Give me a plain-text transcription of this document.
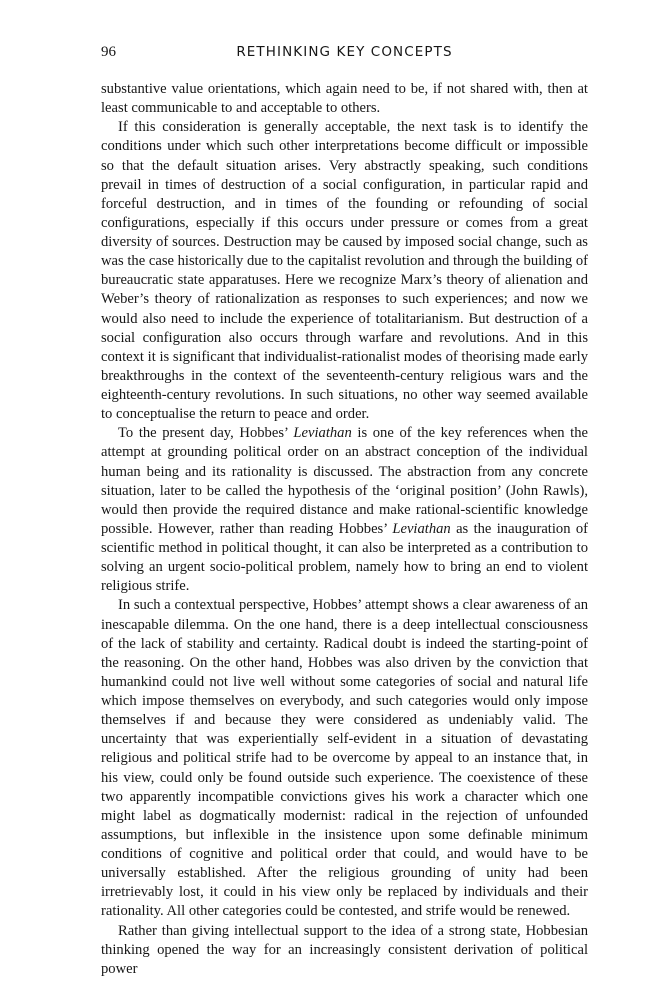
96	RETHINKING KEY CONCEPTS

substantive value orientations, which again need to be, if not shared with, then at least communicable to and acceptable to others.

If this consideration is generally acceptable, the next task is to identify the conditions under which such other interpretations become difficult or impossible so that the default situation arises. Very abstractly speaking, such conditions prevail in times of destruction of a social configuration, in particular rapid and forceful destruction, and in times of the founding or refounding of social configurations, especially if this occurs under pressure or comes from a great diversity of sources. Destruction may be caused by imposed social change, such as was the case historically due to the capitalist revolution and through the building of bureaucratic state apparatuses. Here we recognize Marx’s theory of alienation and Weber’s theory of rationalization as responses to such experiences; and now we would also need to include the experience of totalitarianism. But destruction of a social configuration also occurs through warfare and revolutions. And in this context it is significant that individualist-rationalist modes of theorising made early breakthroughs in the context of the seventeenth-century religious wars and the eighteenth-century revolutions. In such situations, no other way seemed available to conceptualise the return to peace and order.

To the present day, Hobbes’ Leviathan is one of the key references when the attempt at grounding political order on an abstract conception of the individual human being and its rationality is discussed. The abstraction from any concrete situation, later to be called the hypothesis of the ‘original position’ (John Rawls), would then provide the required distance and make rational-scientific knowledge possible. However, rather than reading Hobbes’ Leviathan as the inauguration of scientific method in political thought, it can also be interpreted as a contribution to solving an urgent socio-political problem, namely how to bring an end to violent religious strife.

In such a contextual perspective, Hobbes’ attempt shows a clear awareness of an inescapable dilemma. On the one hand, there is a deep intellectual consciousness of the lack of stability and certainty. Radical doubt is indeed the starting-point of the reasoning. On the other hand, Hobbes was also driven by the conviction that humankind could not live well without some categories of social and natural life which impose themselves on everybody, and such categories would only impose themselves if and because they were considered as undeniably valid. The uncertainty that was experientially self-evident in a situation of devastating religious and political strife had to be overcome by appeal to an instance that, in his view, could only be found outside such experience. The coexistence of these two apparently incompatible convictions gives his work a character which one might label as dogmatically modernist: radical in the rejection of unfounded assumptions, but inflexible in the insistence upon some definable minimum conditions of cognitive and political order that could, and would have to be universally established. After the religious grounding of unity had been irretrievably lost, it could in his view only be replaced by individuals and their rationality. All other categories could be contested, and strife would be renewed.

Rather than giving intellectual support to the idea of a strong state, Hobbesian thinking opened the way for an increasingly consistent derivation of political power
